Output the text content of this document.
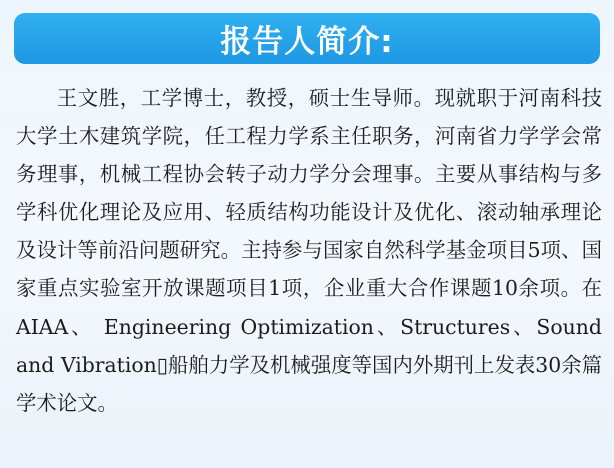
报告人简介:

王文胜，工学博士，教授，硕士生导师。现就职于河南科技大学土木建筑学院，任工程力学系主任职务，河南省力学学会常务理事，机械工程协会转子动力学分会理事。主要从事结构与多学科优化理论及应用、轻质结构功能设计及优化、滚动轴承理论及设计等前沿问题研究。主持参与国家自然科学基金项目5项、国家重点实验室开放课题项目1项，企业重大合作课题10余项。在AIAA、 Engineering Optimization、Structures、Sound and Vibration▯船舶力学及机械强度等国内外期刊上发表30余篇学术论文。
